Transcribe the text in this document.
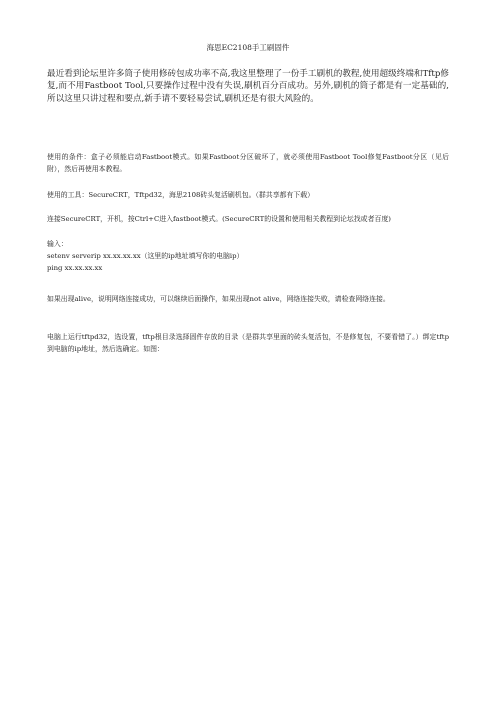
海思EC2108手工刷固件

最近看到论坛里许多筒子使用修砖包成功率不高,我这里整理了一份手工刷机的教程,使用超级终端和Tftp修复,而不用Fastboot Tool,只要操作过程中没有失误,刷机百分百成功。另外,刷机的筒子都是有一定基础的,所以这里只讲过程和要点,新手请不要轻易尝试,刷机还是有很大风险的。

使用的条件：盒子必须能启动Fastboot模式。如果Fastboot分区破坏了，就必须使用Fastboot Tool修复Fastboot分区（见后附），然后再使用本教程。

使用的工具：SecureCRT，Tftpd32，海思2108砖头复活刷机包。（群共享都有下载）

连接SecureCRT，开机，按Ctrl+C进入fastboot模式。(SecureCRT的设置和使用相关教程到论坛找或者百度)

输入：
setenv serverip xx.xx.xx.xx（这里的ip地址填写你的电脑ip）
ping xx.xx.xx.xx

如果出现alive，说明网络连接成功，可以继续后面操作，如果出现not alive，网络连接失败，请检查网络连接。

电脑上运行tftpd32，选设置，tftp根目录选择固件存放的目录（是群共享里面的砖头复活包，不是修复包，不要看错了。）绑定tftp到电脑的ip地址，然后选确定。如图：
